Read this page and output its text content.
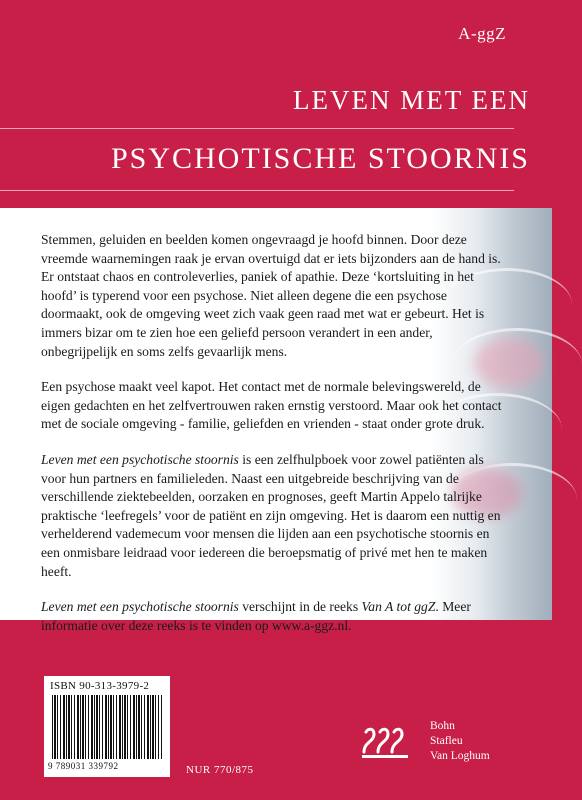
A-ggZ
LEVEN MET EEN
PSYCHOTISCHE STOORNIS

Stemmen, geluiden en beelden komen ongevraagd je hoofd binnen. Door deze vreemde waarnemingen raak je ervan overtuigd dat er iets bijzonders aan de hand is. Er ontstaat chaos en controleverlies, paniek of apathie. Deze ‘kortsluiting in het hoofd’ is typerend voor een psychose. Niet alleen degene die een psychose doormaakt, ook de omgeving weet zich vaak geen raad met wat er gebeurt. Het is immers bizar om te zien hoe een geliefd persoon verandert in een ander, onbegrijpelijk en soms zelfs gevaarlijk mens.

Een psychose maakt veel kapot. Het contact met de normale belevingswereld, de eigen gedachten en het zelfvertrouwen raken ernstig verstoord. Maar ook het contact met de sociale omgeving - familie, geliefden en vrienden - staat onder grote druk.

Leven met een psychotische stoornis is een zelfhulpboek voor zowel patiënten als voor hun partners en familieleden. Naast een uitgebreide beschrijving van de verschillende ziektebeelden, oorzaken en prognoses, geeft Martin Appelo talrijke praktische ‘leefregels’ voor de patiënt en zijn omgeving. Het is daarom een nuttig en verhelderend vademecum voor mensen die lijden aan een psychotische stoornis en een onmisbare leidraad voor iedereen die beroepsmatig of privé met hen te maken heeft.

Leven met een psychotische stoornis verschijnt in de reeks Van A tot ggZ. Meer informatie over deze reeks is te vinden op www.a-ggz.nl.

ISBN 90-313-3979-2
9 789031 339792	NUR 770/875
Bohn
Stafleu
Van Loghum
